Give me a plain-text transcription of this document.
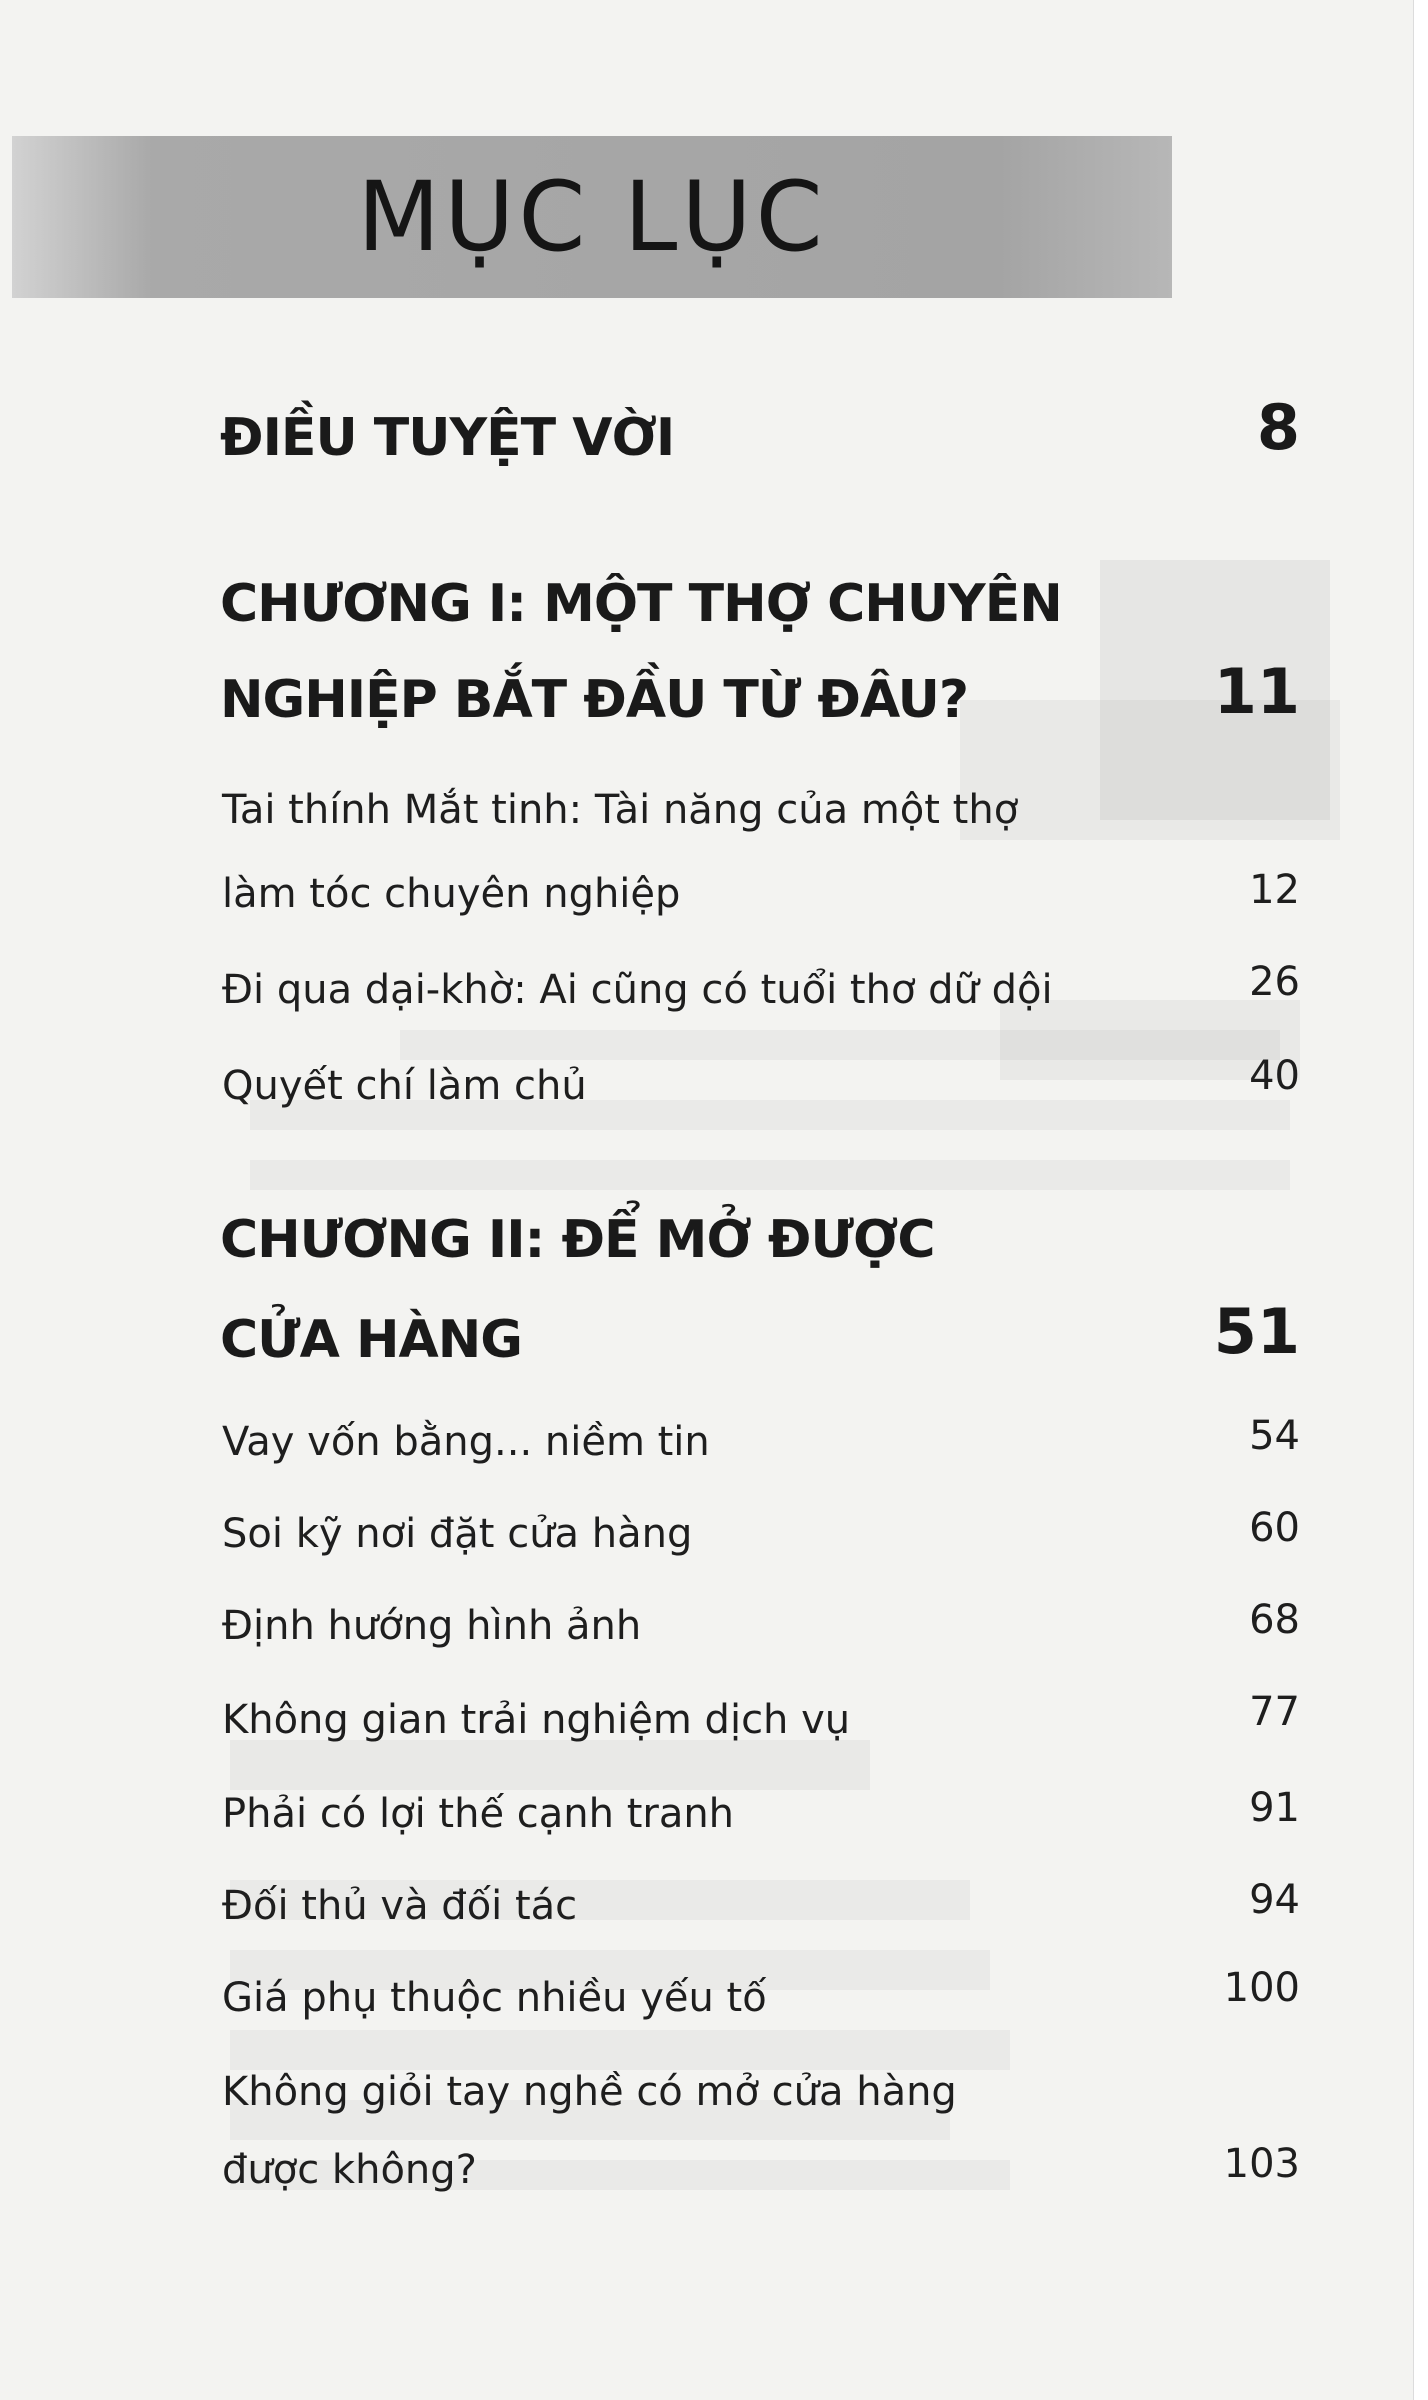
MỤC LỤC
ĐIỀU TUYỆT VỜI	8
CHƯƠNG I: MỘT THỢ CHUYÊN
NGHIỆP BẮT ĐẦU TỪ ĐÂU?	11
Tai thính Mắt tinh: Tài năng của một thợ
làm tóc chuyên nghiệp	12
Đi qua dại-khờ: Ai cũng có tuổi thơ dữ dội	26
Quyết chí làm chủ	40
CHƯƠNG II: ĐỂ MỞ ĐƯỢC
CỬA HÀNG	51
Vay vốn bằng... niềm tin	54
Soi kỹ nơi đặt cửa hàng	60
Định hướng hình ảnh	68
Không gian trải nghiệm dịch vụ	77
Phải có lợi thế cạnh tranh	91
Đối thủ và đối tác	94
Giá phụ thuộc nhiều yếu tố	100
Không giỏi tay nghề có mở cửa hàng
được không?	103
